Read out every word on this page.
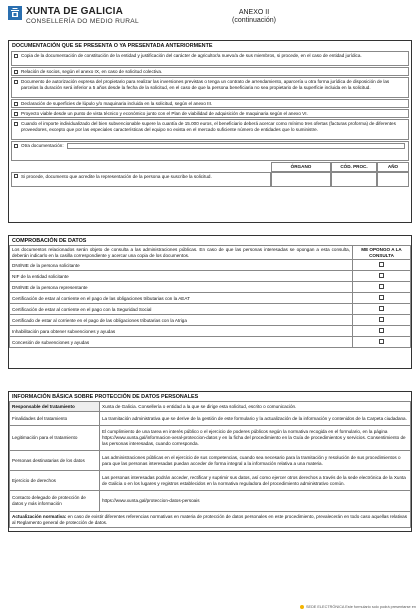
XUNTA DE GALICIA
CONSELLERÍA DO MEDIO RURAL
ANEXO II
(continuación)
DOCUMENTACIÓN QUE SE PRESENTA O YA PRESENTADA ANTERIORMENTE
Copia de la documentación de constitución de la entidad y justificación del carácter de agricultor/a nuevo/a de sus miembros, si procede, en el caso de entidad jurídica.
Relación de socios, según el anexo IX, en caso de solicitud colectiva.
Documento de autorización expresa del propietario para realizar las inversiones previstas o tenga un contrato de arrendamiento, aparcería u otra forma jurídica de disposición de las parcelas la duración será inferior a 5 años desde la fecha de la solicitud, en el caso de que la persona beneficiaria no sea propietario de la superficie incluida en la solicitud.
Declaración de superficies de lúpulo y/o maquinaria incluida en la solicitud, según el anexo III.
Proyecto viable desde un punto de vista técnico y económico junto con el Plan de viabilidad de adquisición de maquinaria según el anexo VI.
Cuando el importe individualizado del bien subvencionable supere la cuantía de 15.000 euros, el beneficiario deberá acercar como mínimo tres ofertas (facturas proforma) de diferentes proveedores, excepto que por las especiales características del equipo no exista en el mercado suficiente número de entidades que lo suministre.
Otra documentación:
ÓRGANO	CÓD. PROC.	AÑO
Si procede, documento que acredite la representación de la persona que suscribe la solicitud.
COMPROBACIÓN DE DATOS
Los documentos relacionados serán objeto de consulta a las administraciones públicas. En caso de que las personas interesadas se opongan a esta consulta, deberán indicarlo en la casilla correspondiente y acercar una copia de los documentos.	ME OPONGO A LA CONSULTA
DNI/NIE de la persona solicitante	
NIF de la entidad solicitante	
DNI/NIE de la persona representante	
Certificación de estar al corriente en el pago de las obligaciones tributarias con la AEAT	
Certificación de estar al corriente en el pago con la Seguridad Social	
Certificado de estar al corriente en el pago de las obligaciones tributarias con la Atriga	
Inhabilitación para obtener subvenciones y ayudas	
Concesión de subvenciones y ayudas	
INFORMACIÓN BÁSICA SOBRE PROTECCIÓN DE DATOS PERSONALES
Responsable del tratamiento	Xunta de Galicia. Consellería o entidad a la que se dirige esta solicitud, escrito o comunicación.
Finalidades del tratamiento	La tramitación administrativa que se derive de la gestión de este formulario y la actualización de la información y contenidos de la Carpeta ciudadana.
Legitimación para el tratamiento	El cumplimiento de una tarea en interés público o el ejercicio de poderes públicos según la normativa recogida en el formulario, en la página https://www.xunta.gal/informacion-xeral-proteccion-datos y en la ficha del procedimiento en la Guía de procedimientos y servicios. Consentimiento de las personas interesadas, cuando corresponda.
Personas destinatarias de los datos	Las administraciones públicas en el ejercicio de sus competencias, cuando sea necesario para la tramitación y resolución de sus procedimientos o para que las personas interesadas puedan acceder de forma integral a la información relativa a una materia.
Ejercicio de derechos	Las personas interesadas podrán acceder, rectificar y suprimir sus datos, así como ejercer otros derechos a través de la sede electrónica de la Xunta de Galicia o en los lugares y registros establecidos en la normativa reguladora del procedimiento administrativo común.
Contacto delegado de protección de datos y más información	https://www.xunta.gal/proteccion-datos-persoais
Actualización normativa: en caso de existir diferentes referencias normativas en materia de protección de datos personales en este procedimiento, prevalecerán en todo caso aquellas relativas al Reglamento general de protección de datos.	
SEDE ELECTRÓNICA Este formulario solo podrá presentarse en
